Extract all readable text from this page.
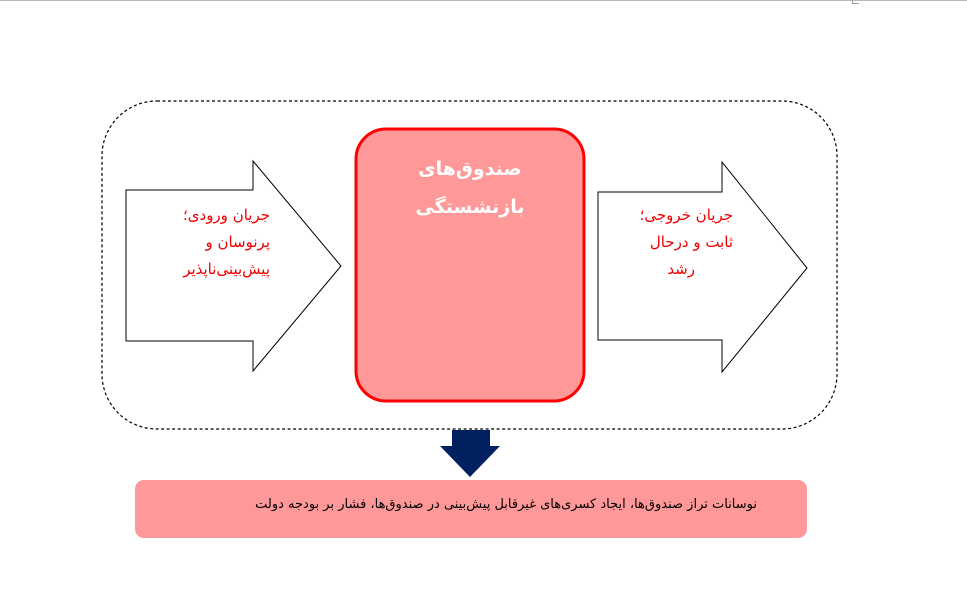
صندوق‌های
بازنشستگی
جریان ورودی؛
پرنوسان و
پیش‌بینی‌ناپذیر
جریان خروجی؛
ثابت و درحال
رشد
نوسانات تراز صندوق‌ها، ایجاد کسری‌های غیرقابل پیش‌بینی در صندوق‌ها، فشار بر بودجه دولت
